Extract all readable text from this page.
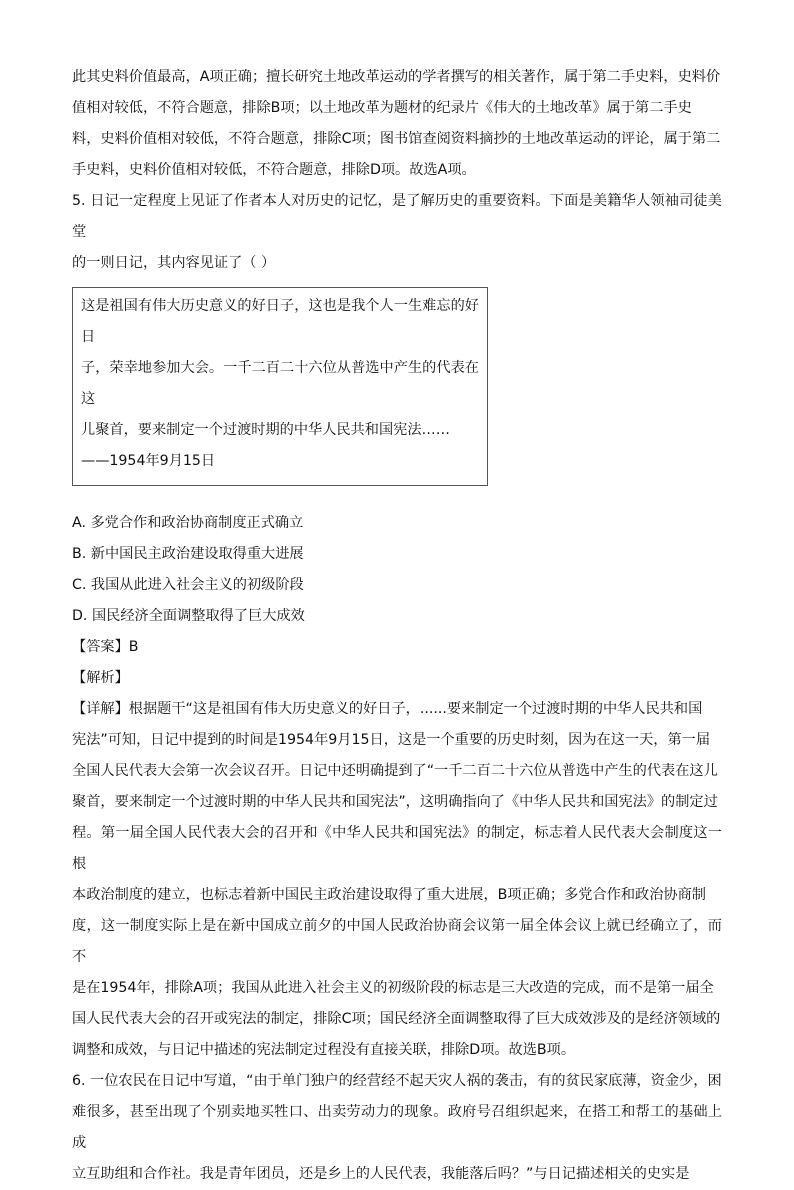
此其史料价值最高，A项正确；擅长研究土地改革运动的学者撰写的相关著作，属于第二手史料，史料价

值相对较低，不符合题意，排除B项；以土地改革为题材的纪录片《伟大的土地改革》属于第二手史

料，史料价值相对较低，不符合题意，排除C项；图书馆查阅资料摘抄的土地改革运动的评论，属于第二

手史料，史料价值相对较低，不符合题意，排除D项。故选A项。

5. 日记一定程度上见证了作者本人对历史的记忆，是了解历史的重要资料。下面是美籍华人领袖司徒美堂

的一则日记，其内容见证了（ ）

这是祖国有伟大历史意义的好日子，这也是我个人一生难忘的好日

子，荣幸地参加大会。一千二百二十六位从普选中产生的代表在这

儿聚首，要来制定一个过渡时期的中华人民共和国宪法……

——1954年9月15日

A. 多党合作和政治协商制度正式确立

B. 新中国民主政治建设取得重大进展

C. 我国从此进入社会主义的初级阶段

D. 国民经济全面调整取得了巨大成效

【答案】B

【解析】

【详解】根据题干“这是祖国有伟大历史意义的好日子，......要来制定一个过渡时期的中华人民共和国

宪法”可知，日记中提到的时间是1954年9月15日，这是一个重要的历史时刻，因为在这一天，第一届

全国人民代表大会第一次会议召开。日记中还明确提到了“一千二百二十六位从普选中产生的代表在这儿

聚首，要来制定一个过渡时期的中华人民共和国宪法”，这明确指向了《中华人民共和国宪法》的制定过

程。第一届全国人民代表大会的召开和《中华人民共和国宪法》的制定，标志着人民代表大会制度这一根

本政治制度的建立，也标志着新中国民主政治建设取得了重大进展，B项正确；多党合作和政治协商制

度，这一制度实际上是在新中国成立前夕的中国人民政治协商会议第一届全体会议上就已经确立了，而不

是在1954年，排除A项；我国从此进入社会主义的初级阶段的标志是三大改造的完成，而不是第一届全

国人民代表大会的召开或宪法的制定，排除C项；国民经济全面调整取得了巨大成效涉及的是经济领域的

调整和成效，与日记中描述的宪法制定过程没有直接关联，排除D项。故选B项。

6. 一位农民在日记中写道，“由于单门独户的经营经不起天灾人祸的袭击，有的贫民家底薄，资金少，困

难很多，甚至出现了个别卖地买牲口、出卖劳动力的现象。政府号召组织起来，在搭工和帮工的基础上成

立互助组和合作社。我是青年团员，还是乡上的人民代表，我能落后吗？”与日记描述相关的史实是
